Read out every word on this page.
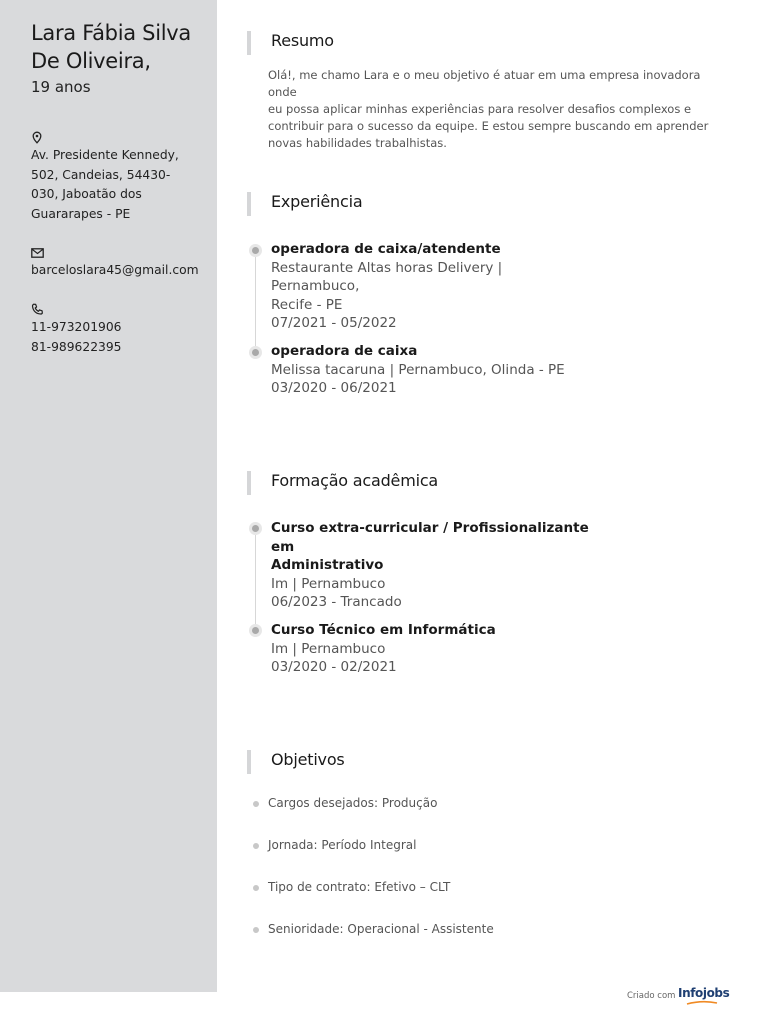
Lara Fábia Silva
De Oliveira,
19 anos
Av. Presidente Kennedy,
502, Candeias, 54430-
030, Jaboatão dos
Guararapes - PE
barceloslara45@gmail.com
11-973201906
81-989622395
Resumo
Olá!, me chamo Lara e o meu objetivo é atuar em uma empresa inovadora onde
eu possa aplicar minhas experiências para resolver desafios complexos e
contribuir para o sucesso da equipe. E estou sempre buscando em aprender
novas habilidades trabalhistas.
Experiência
operadora de caixa/atendente
Restaurante Altas horas Delivery | Pernambuco,
Recife - PE
07/2021 - 05/2022
operadora de caixa
Melissa tacaruna | Pernambuco, Olinda - PE
03/2020 - 06/2021
Formação acadêmica
Curso extra-curricular / Profissionalizante em
Administrativo
Im | Pernambuco
06/2023 - Trancado
Curso Técnico em Informática
Im | Pernambuco
03/2020 - 02/2021
Objetivos
Cargos desejados: Produção
Jornada: Período Integral
Tipo de contrato: Efetivo – CLT
Senioridade: Operacional - Assistente
Criado com Infojobs
